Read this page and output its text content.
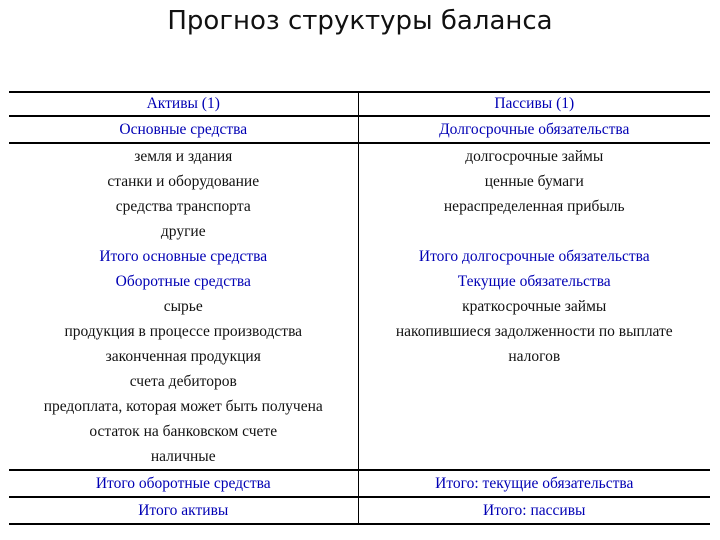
Прогноз структуры баланса
Активы (1)	Пассивы (1)
Основные средства	Долгосрочные обязательства
земля и здания	долгосрочные займы
станки и оборудование	ценные бумаги
средства транспорта	нераспределенная прибыль
другие	
Итого основные средства	Итого долгосрочные обязательства
Оборотные средства	Текущие обязательства
сырье	краткосрочные займы
продукция в процессе производства	накопившиеся задолженности по выплате
законченная продукция	налогов
счета дебиторов	
предоплата, которая может быть получена	
остаток на банковском счете	
наличные	
Итого оборотные средства	Итого: текущие обязательства
Итого активы	Итого: пассивы
